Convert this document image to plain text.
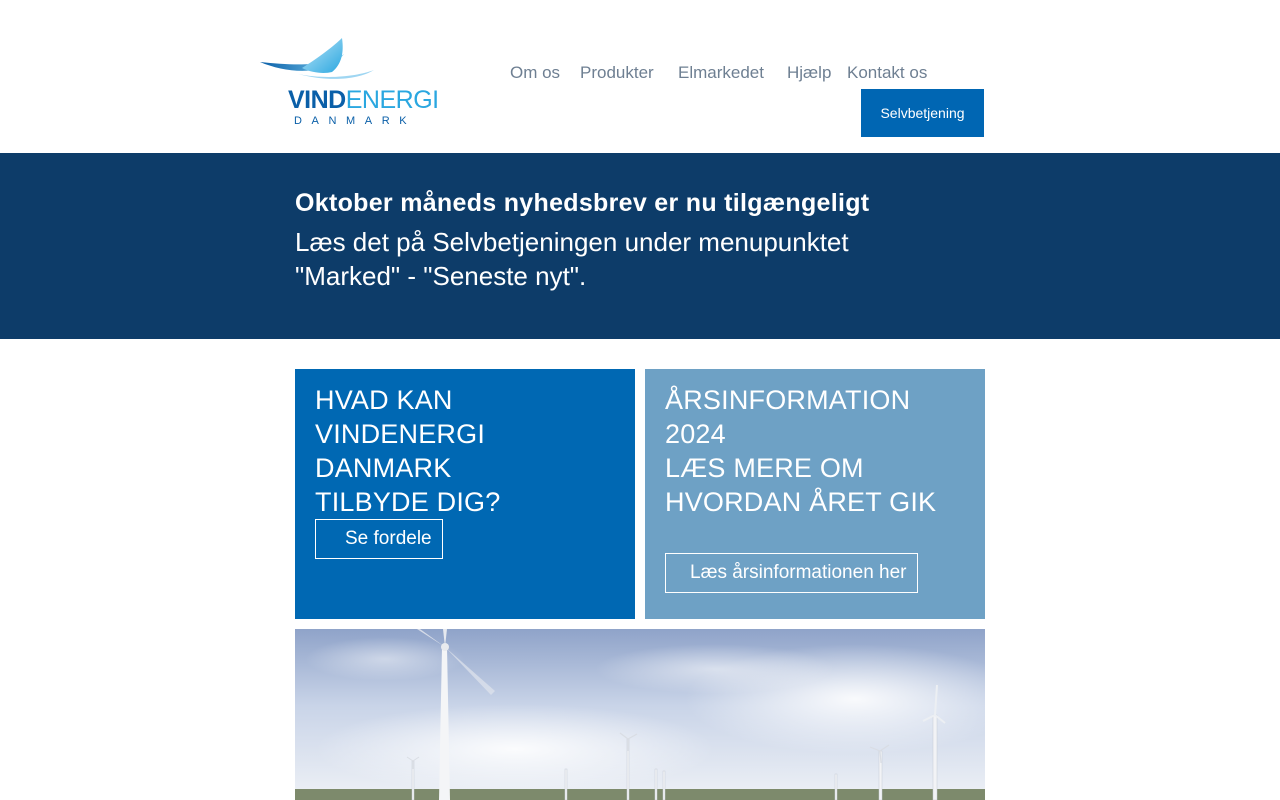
VINDENERGI
DANMARK
Om os Produkter Elmarkedet Hjælp Kontakt os
Selvbetjening
Oktober måneds nyhedsbrev er nu tilgængeligt

Læs det på Selvbetjeningen under menupunktet "Marked" - "Seneste nyt".

HVAD KAN
VINDENERGI DANMARK
TILBYDE DIG?
Se fordele
ÅRSINFORMATION
2024
LÆS MERE OM
HVORDAN ÅRET GIK
Læs årsinformationen her
